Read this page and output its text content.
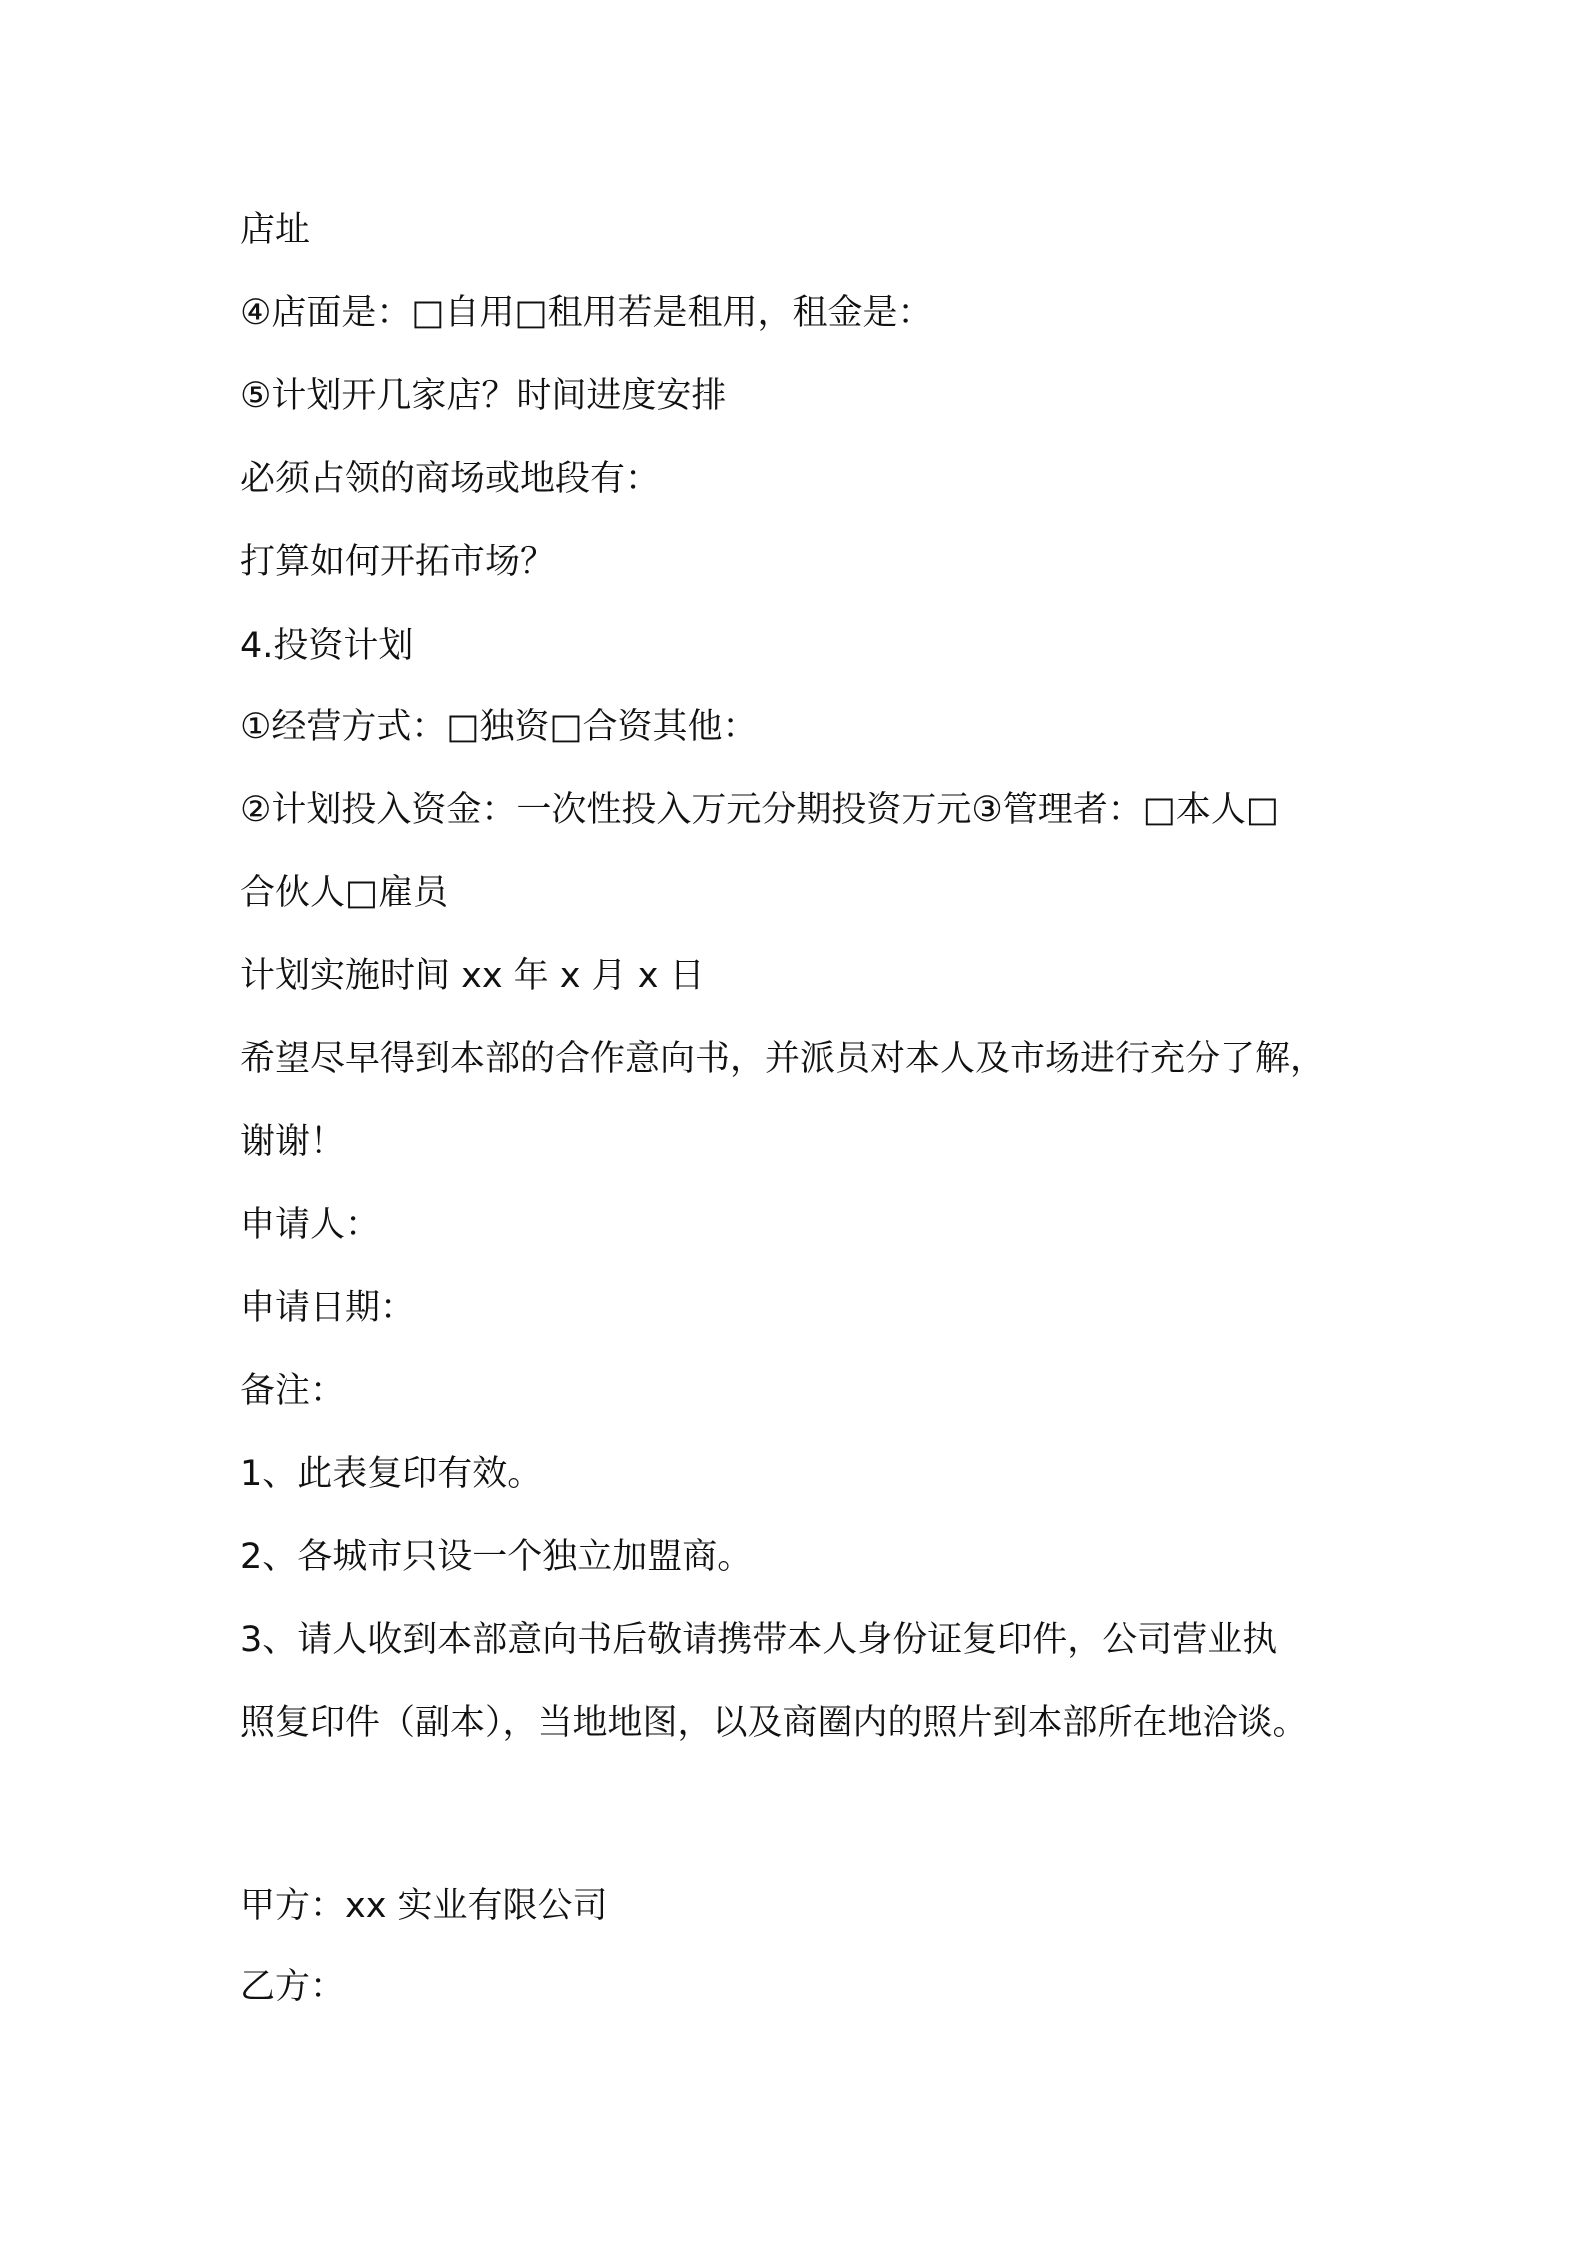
店址
④店面是：□自用□租用若是租用，租金是：
⑤计划开几家店？时间进度安排
必须占领的商场或地段有：
打算如何开拓市场？
4.投资计划
①经营方式：□独资□合资其他：
②计划投入资金：一次性投入万元分期投资万元③管理者：□本人□
合伙人□雇员
计划实施时间 xx 年 x 月 x 日
希望尽早得到本部的合作意向书，并派员对本人及市场进行充分了解，
谢谢！
申请人：
申请日期：
备注：
1、此表复印有效。
2、各城市只设一个独立加盟商。
3、请人收到本部意向书后敬请携带本人身份证复印件，公司营业执
照复印件（副本），当地地图，以及商圈内的照片到本部所在地洽谈。
甲方：xx 实业有限公司
乙方：
